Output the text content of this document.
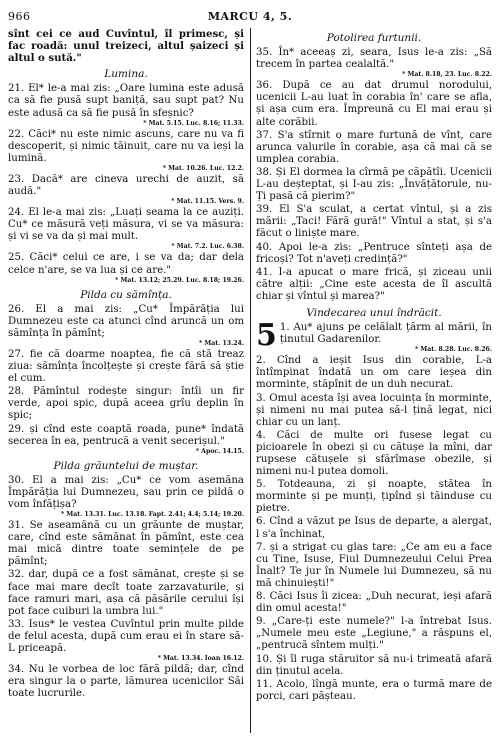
966	MARCU 4, 5.

sînt cei ce aud Cuvîntul, îl primesc, și fac roadă: unul treizeci, altul șaizeci și altul o sută."

Lumina.

21. El* le-a mai zis: „Oare lumina este adusă ca să fie pusă supt baniță, sau supt pat? Nu este adusă ca să fie pusă în sfeșnic?

* Mat. 5.15. Luc. 8.16; 11.33.

22. Căci* nu este nimic ascuns, care nu va fi descoperit, și nimic tăinuit, care nu va ieși la lumină.

* Mat. 10.26. Luc. 12.2.

23. Dacă* are cineva urechi de auzit, să audă."

* Mat. 11.15. Vers. 9.

24. El le-a mai zis: „Luați seama la ce auziți. Cu* ce măsură veți măsura, vi se va măsura: și vi se va da și mai mult.

* Mat. 7.2. Luc. 6.38.

25. Căci* celui ce are, i se va da; dar dela celce n'are, se va lua și ce are."

* Mat. 13.12; 25.29. Luc. 8.18; 19.26.
Pilda cu sămînța.

26. El a mai zis: „Cu* Împărăția lui Dumnezeu este ca atunci cînd aruncă un om sămînța în pămînt;

* Mat. 13.24.

27. fie că doarme noaptea, fie că stă treaz ziua: sămînța încolțește și crește fără să știe el cum.

28. Pămîntul rodește singur: întîi un fir verde, apoi spic, după aceea grîu deplin în spic;

29. și cînd este coaptă roada, pune* îndată secerea în ea, pentrucă a venit secerișul."

* Apoc. 14.15.
Pilda grăuntelui de muștar.

30. El a mai zis: „Cu* ce vom asemăna Împărăția lui Dumnezeu, sau prin ce pildă o vom înfățișa?

* Mat. 13.31. Luc. 13.18. Fapt. 2.41; 4.4; 5.14; 19.20.

31. Se aseamănă cu un grăunte de muștar, care, cînd este sămănat în pămînt, este cea mai mică dintre toate semințele de pe pămînt;

32. dar, după ce a fost sămănat, crește și se face mai mare decît toate zarzavaturile, și face ramuri mari, așa că păsările cerului își pot face cuiburi la umbra lui."

33. Isus* le vestea Cuvîntul prin multe pilde de felul acesta, după cum erau ei în stare să-L priceapă.

* Mat. 13.34. Ioan 16.12.

34. Nu le vorbea de loc fără pildă; dar, cînd era singur la o parte, lămurea ucenicilor Săi toate lucrurile.

Potolirea furtunii.

35. În* aceeaș zi, seara, Isus le-a zis: „Să trecem în partea cealaltă."

* Mat. 8.18, 23. Luc. 8.22.

36. După ce au dat drumul norodului, ucenicii L-au luat în corabia în' care se afla, și așa cum era. Împreună cu El mai erau și alte corăbii.

37. S'a stîrnit o mare furtună de vînt, care arunca valurile în corabie, așa că mai că se umplea corabia.

38. Și El dormea la cîrmă pe căpătîi. Ucenicii L-au deșteptat, și I-au zis: „Învățătorule, nu-Ți pasă că pierim?"

39. El S'a sculat, a certat vîntul, și a zis mării: „Taci! Fără gură!" Vîntul a stat, și s'a făcut o liniște mare.

40. Apoi le-a zis: „Pentruce sînteți așa de fricoși? Tot n'aveți credință?"

41. I-a apucat o mare frică, și ziceau unii către alții: „Cine este acesta de îl ascultă chiar și vîntul și marea?"

Vindecarea unui îndrăcit.

5 1. Au* ajuns pe celălalt țărm al mării, în ținutul Gadarenilor.

* Mat. 8.28. Luc. 8.26.

2. Cînd a ieșit Isus din corabie, L-a întîmpinat îndată un om care ieșea din morminte, stăpînit de un duh necurat.

3. Omul acesta își avea locuința în morminte, și nimeni nu mai putea să-l țină legat, nici chiar cu un lanț.

4. Căci de multe ori fusese legat cu picioarele în obezi și cu cătușe la mîni, dar rupsese cătușele și sfărîmase obezile, și nimeni nu-l putea domoli.

5. Totdeauna, zi și noapte, stătea în morminte și pe munți, țipînd și tăinduse cu pietre.

6. Cînd a văzut pe Isus de departe, a alergat, l s'a închinat,

7. și a strigat cu glas tare: „Ce am eu a face cu Tine, Isuse, Fiul Dumnezeului Celui Prea Înalt? Te jur în Numele lui Dumnezeu, să nu mă chinuiești!"

8. Căci Isus îi zicea: „Duh necurat, ieși afară din omul acesta!"

9. „Care-ți este numele?" l-a întrebat Isus. „Numele meu este „Legiune," a răspuns el, „pentrucă sîntem mulți."

10. Și îl ruga stăruitor să nu-i trimeată afară din ținutul acela.

11. Acolo, lîngă munte, era o turmă mare de porci, cari pășteau.
